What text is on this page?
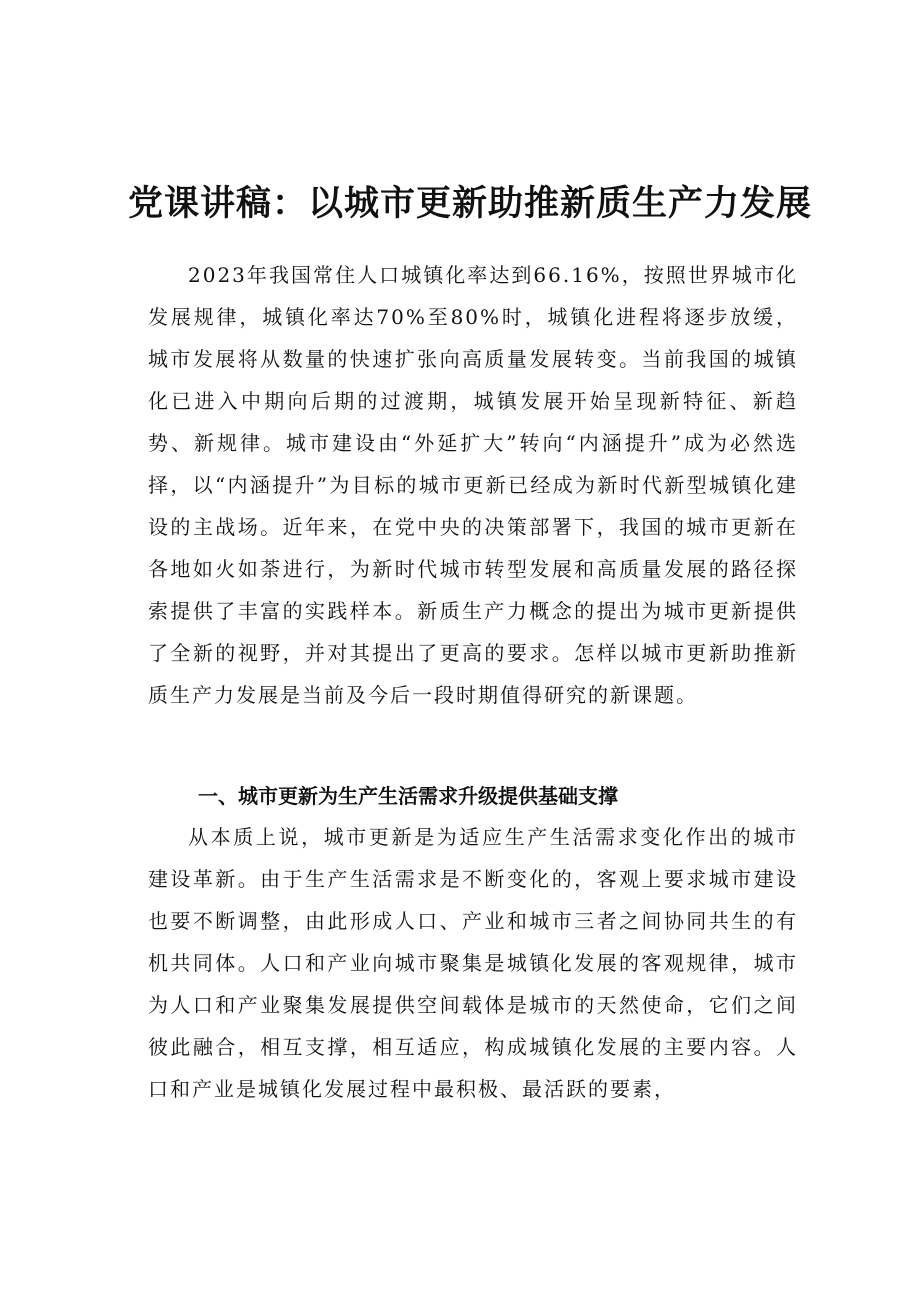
党课讲稿：以城市更新助推新质生产力发展

2023年我国常住人口城镇化率达到66.16%，按照世界城市化发展规律，城镇化率达70%至80%时，城镇化进程将逐步放缓，城市发展将从数量的快速扩张向高质量发展转变。当前我国的城镇化已进入中期向后期的过渡期，城镇发展开始呈现新特征、新趋势、新规律。城市建设由“外延扩大”转向“内涵提升”成为必然选择，以“内涵提升”为目标的城市更新已经成为新时代新型城镇化建设的主战场。近年来，在党中央的决策部署下，我国的城市更新在各地如火如荼进行，为新时代城市转型发展和高质量发展的路径探索提供了丰富的实践样本。新质生产力概念的提出为城市更新提供了全新的视野，并对其提出了更高的要求。怎样以城市更新助推新质生产力发展是当前及今后一段时期值得研究的新课题。

一、城市更新为生产生活需求升级提供基础支撑

从本质上说，城市更新是为适应生产生活需求变化作出的城市建设革新。由于生产生活需求是不断变化的，客观上要求城市建设也要不断调整，由此形成人口、产业和城市三者之间协同共生的有机共同体。人口和产业向城市聚集是城镇化发展的客观规律，城市为人口和产业聚集发展提供空间载体是城市的天然使命，它们之间彼此融合，相互支撑，相互适应，构成城镇化发展的主要内容。人口和产业是城镇化发展过程中最积极、最活跃的要素，
